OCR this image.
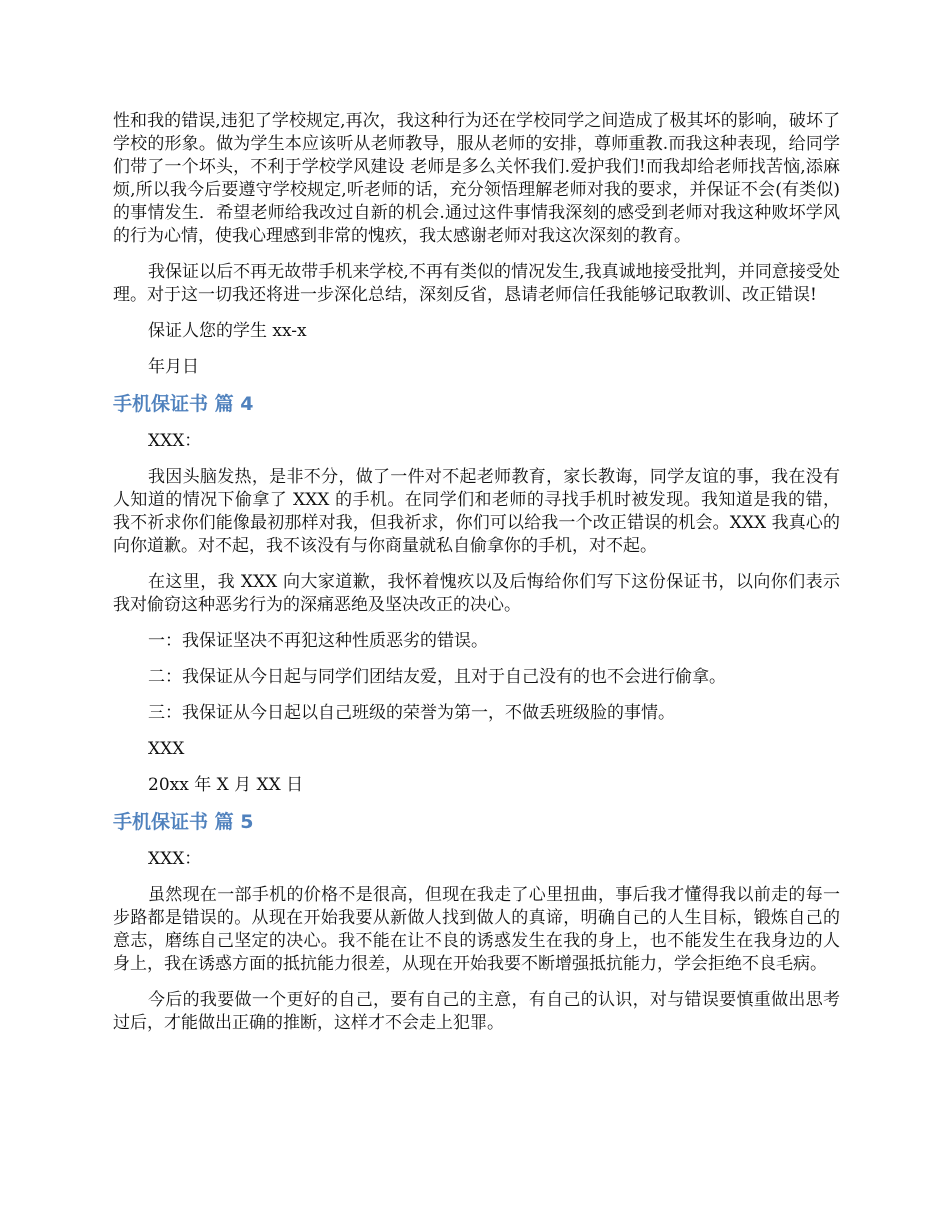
性和我的错误,违犯了学校规定,再次，我这种行为还在学校同学之间造成了极其坏的影响，破坏了学校的形象。做为学生本应该听从老师教导，服从老师的安排，尊师重教.而我这种表现，给同学们带了一个坏头，不利于学校学风建设 老师是多么关怀我们.爱护我们!而我却给老师找苦恼,添麻烦,所以我今后要遵守学校规定,听老师的话，充分领悟理解老师对我的要求，并保证不会(有类似)的事情发生．希望老师给我改过自新的机会.通过这件事情我深刻的感受到老师对我这种败坏学风的行为心情，使我心理感到非常的愧疚，我太感谢老师对我这次深刻的教育。

我保证以后不再无故带手机来学校,不再有类似的情况发生,我真诚地接受批判，并同意接受处理。对于这一切我还将进一步深化总结，深刻反省，恳请老师信任我能够记取教训、改正错误!

保证人您的学生 xx-x

年月日

手机保证书 篇 4

XXX：

我因头脑发热，是非不分，做了一件对不起老师教育，家长教诲，同学友谊的事，我在没有人知道的情况下偷拿了 XXX 的手机。在同学们和老师的寻找手机时被发现。我知道是我的错，我不祈求你们能像最初那样对我，但我祈求，你们可以给我一个改正错误的机会。XXX 我真心的向你道歉。对不起，我不该没有与你商量就私自偷拿你的手机，对不起。

在这里，我 XXX 向大家道歉，我怀着愧疚以及后悔给你们写下这份保证书，以向你们表示我对偷窃这种恶劣行为的深痛恶绝及坚决改正的决心。

一：我保证坚决不再犯这种性质恶劣的错误。

二：我保证从今日起与同学们团结友爱，且对于自己没有的也不会进行偷拿。

三：我保证从今日起以自己班级的荣誉为第一，不做丢班级脸的事情。

XXX

20xx 年 X 月 XX 日

手机保证书 篇 5

XXX：

虽然现在一部手机的价格不是很高，但现在我走了心里扭曲，事后我才懂得我以前走的每一步路都是错误的。从现在开始我要从新做人找到做人的真谛，明确自己的人生目标，锻炼自己的意志，磨练自己坚定的决心。我不能在让不良的诱惑发生在我的身上，也不能发生在我身边的人身上，我在诱惑方面的抵抗能力很差，从现在开始我要不断增强抵抗能力，学会拒绝不良毛病。

今后的我要做一个更好的自己，要有自己的主意，有自己的认识，对与错误要慎重做出思考过后，才能做出正确的推断，这样才不会走上犯罪。
